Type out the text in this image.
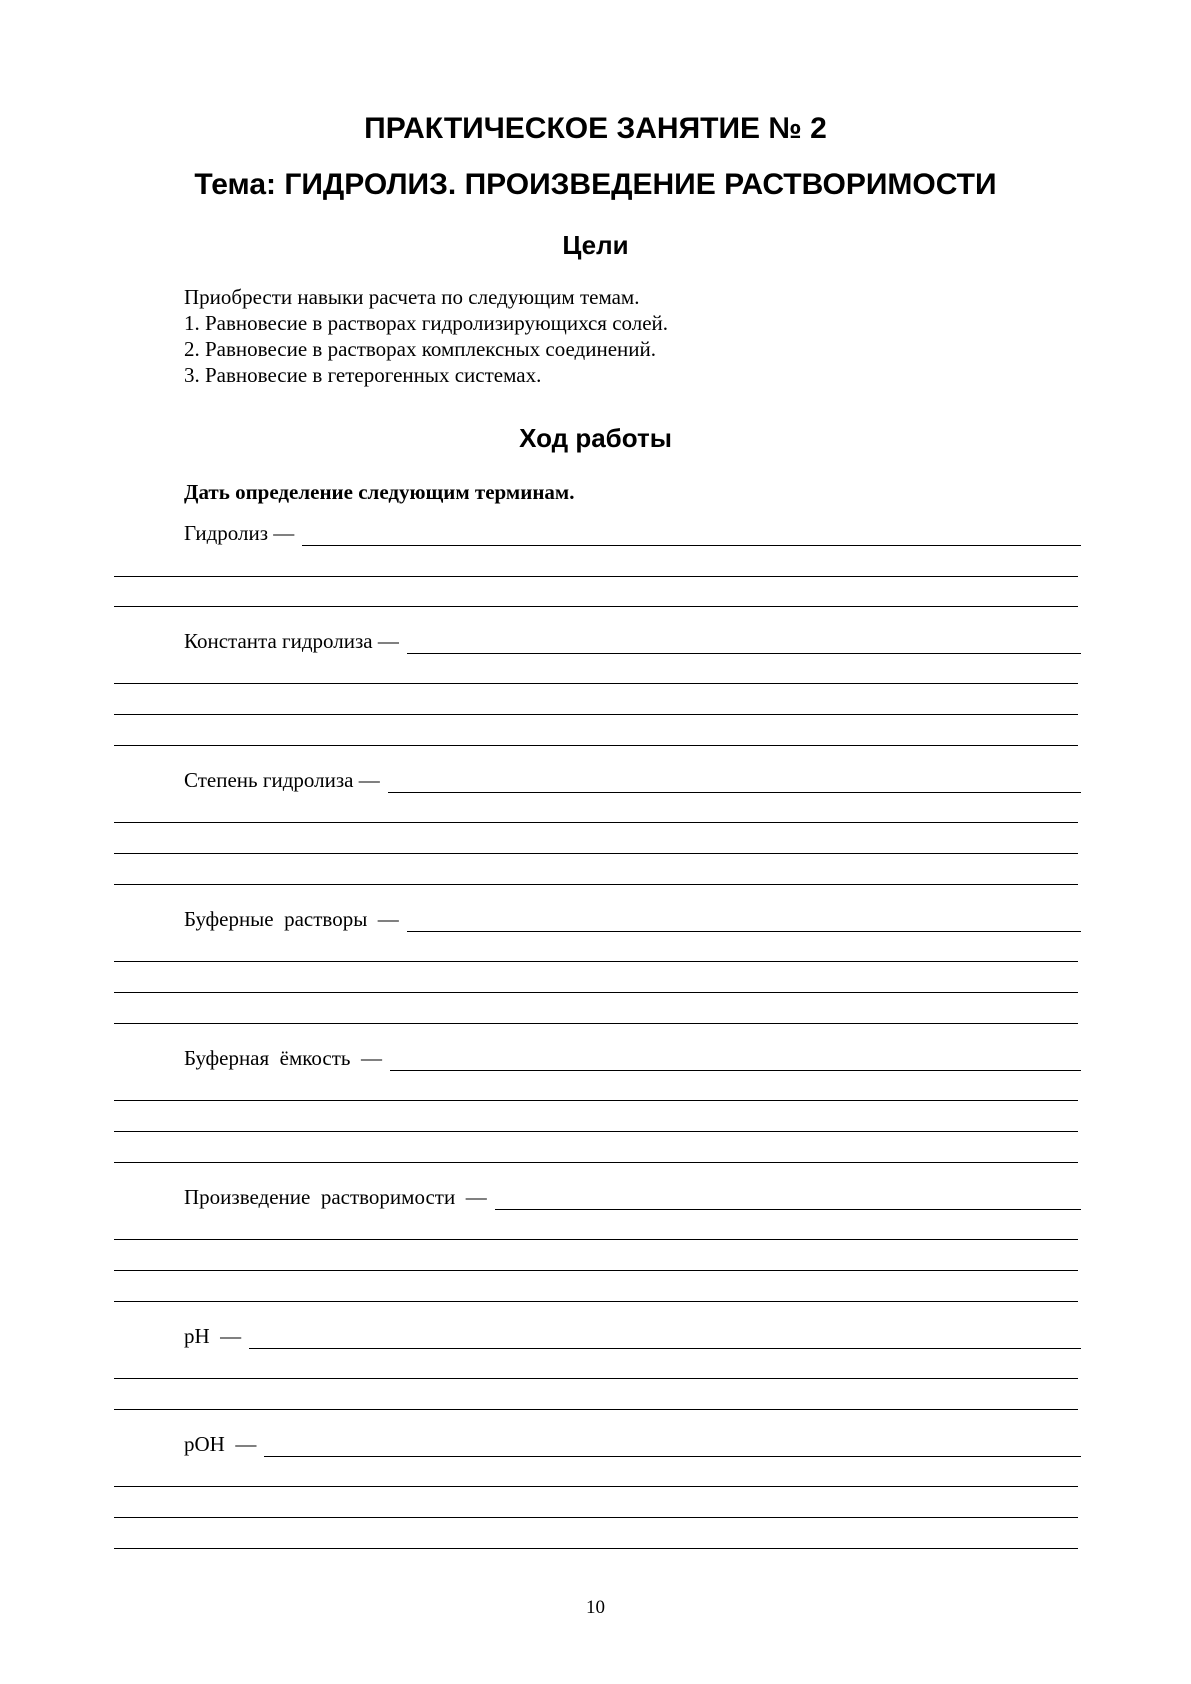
ПРАКТИЧЕСКОЕ ЗАНЯТИЕ № 2
Тема: ГИДРОЛИЗ. ПРОИЗВЕДЕНИЕ РАСТВОРИМОСТИ
Цели
Приобрести навыки расчета по следующим темам.
1. Равновесие в растворах гидролизирующихся солей.
2. Равновесие в растворах комплексных соединений.
3. Равновесие в гетерогенных системах.
Ход работы
Дать определение следующим терминам.
Гидролиз —
Константа гидролиза —
Степень гидролиза —
Буферные  растворы  —
Буферная  ёмкость  —
Произведение  растворимости  —
pH  —
pOH  —
10
